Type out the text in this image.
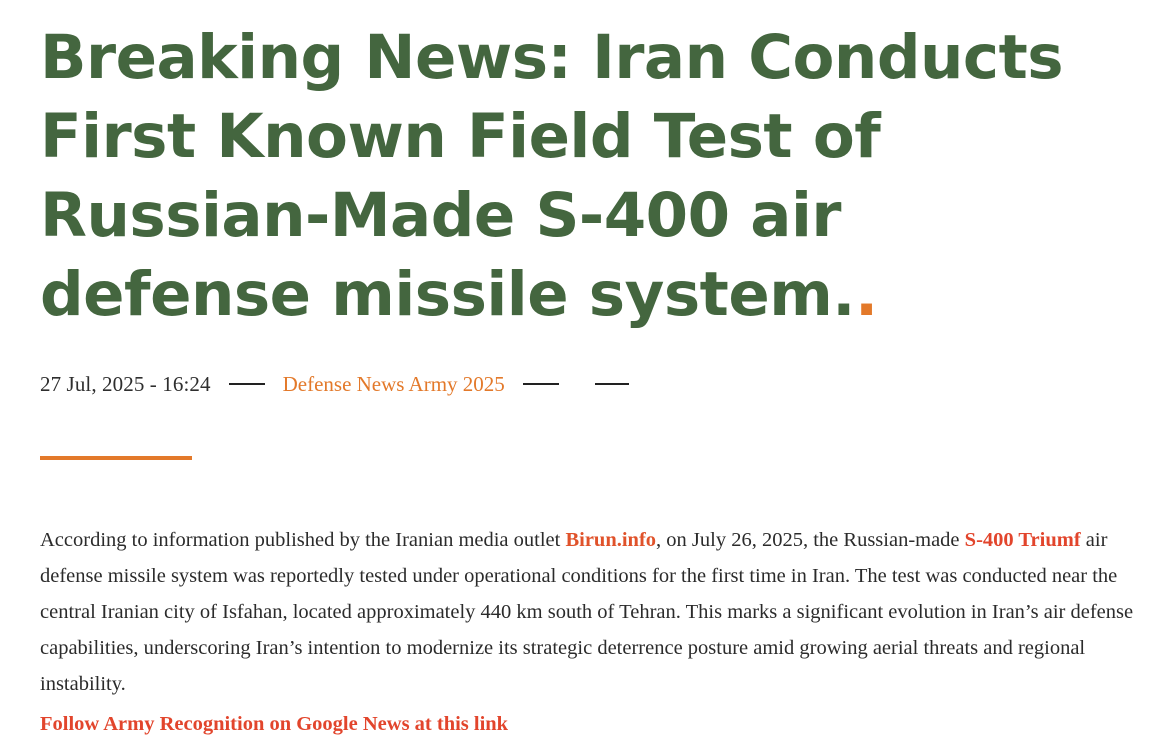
Breaking News: Iran Conducts First Known Field Test of Russian-Made S-400 air defense missile system..
27 Jul, 2025 - 16:24	Defense News Army 2025

According to information published by the Iranian media outlet Birun.info, on July 26, 2025, the Russian-made S-400 Triumf air defense missile system was reportedly tested under operational conditions for the first time in Iran. The test was conducted near the central Iranian city of Isfahan, located approximately 440 km south of Tehran. This marks a significant evolution in Iran’s air defense capabilities, underscoring Iran’s intention to modernize its strategic deterrence posture amid growing aerial threats and regional instability.

Follow Army Recognition on Google News at this link
